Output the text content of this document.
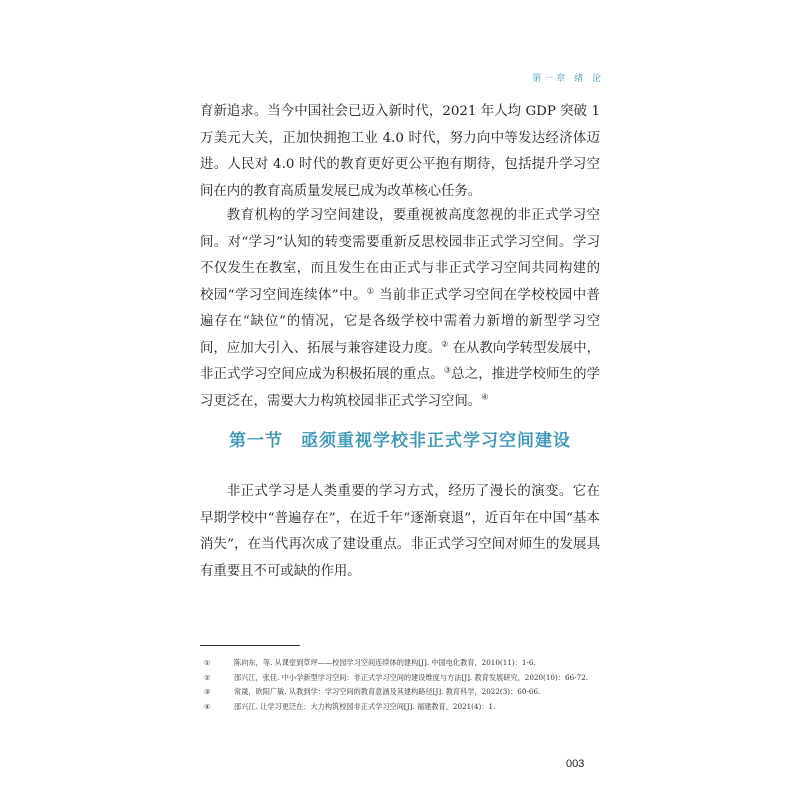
第一章 绪 论

育新追求。当今中国社会已迈入新时代，2021 年人均 GDP 突破 1 万美元大关，正加快拥抱工业 4.0 时代，努力向中等发达经济体迈进。人民对 4.0 时代的教育更好更公平抱有期待，包括提升学习空间在内的教育高质量发展已成为改革核心任务。

教育机构的学习空间建设，要重视被高度忽视的非正式学习空间。对“学习”认知的转变需要重新反思校园非正式学习空间。学习不仅发生在教室，而且发生在由正式与非正式学习空间共同构建的校园“学习空间连续体”中。① 当前非正式学习空间在学校校园中普遍存在“缺位”的情况，它是各级学校中需着力新增的新型学习空间，应加大引入、拓展与兼容建设力度。② 在从教向学转型发展中，非正式学习空间应成为积极拓展的重点。③总之，推进学校师生的学习更泛在，需要大力构筑校园非正式学习空间。④

第一节 亟须重视学校非正式学习空间建设

非正式学习是人类重要的学习方式，经历了漫长的演变。它在早期学校中“普遍存在”，在近千年“逐渐衰退”，近百年在中国“基本消失”，在当代再次成了建设重点。非正式学习空间对师生的发展具有重要且不可或缺的作用。

①	陈向东，等. 从课堂到草坪——校园学习空间连续体的建构[J]. 中国电化教育，2010(11)：1-6.
②	邵兴江，张佳. 中小学新型学习空间：非正式学习空间的建设维度与方法[J]. 教育发展研究，2020(10)：66-72.
③	常晟，欧阳广敏. 从教到学：学习空间的教育意涵及其建构路径[J]. 教育科学，2022(3)：60-66.
④	邵兴江. 让学习更泛在：大力构筑校园非正式学习空间[J]. 福建教育，2021(4)：1.
003
